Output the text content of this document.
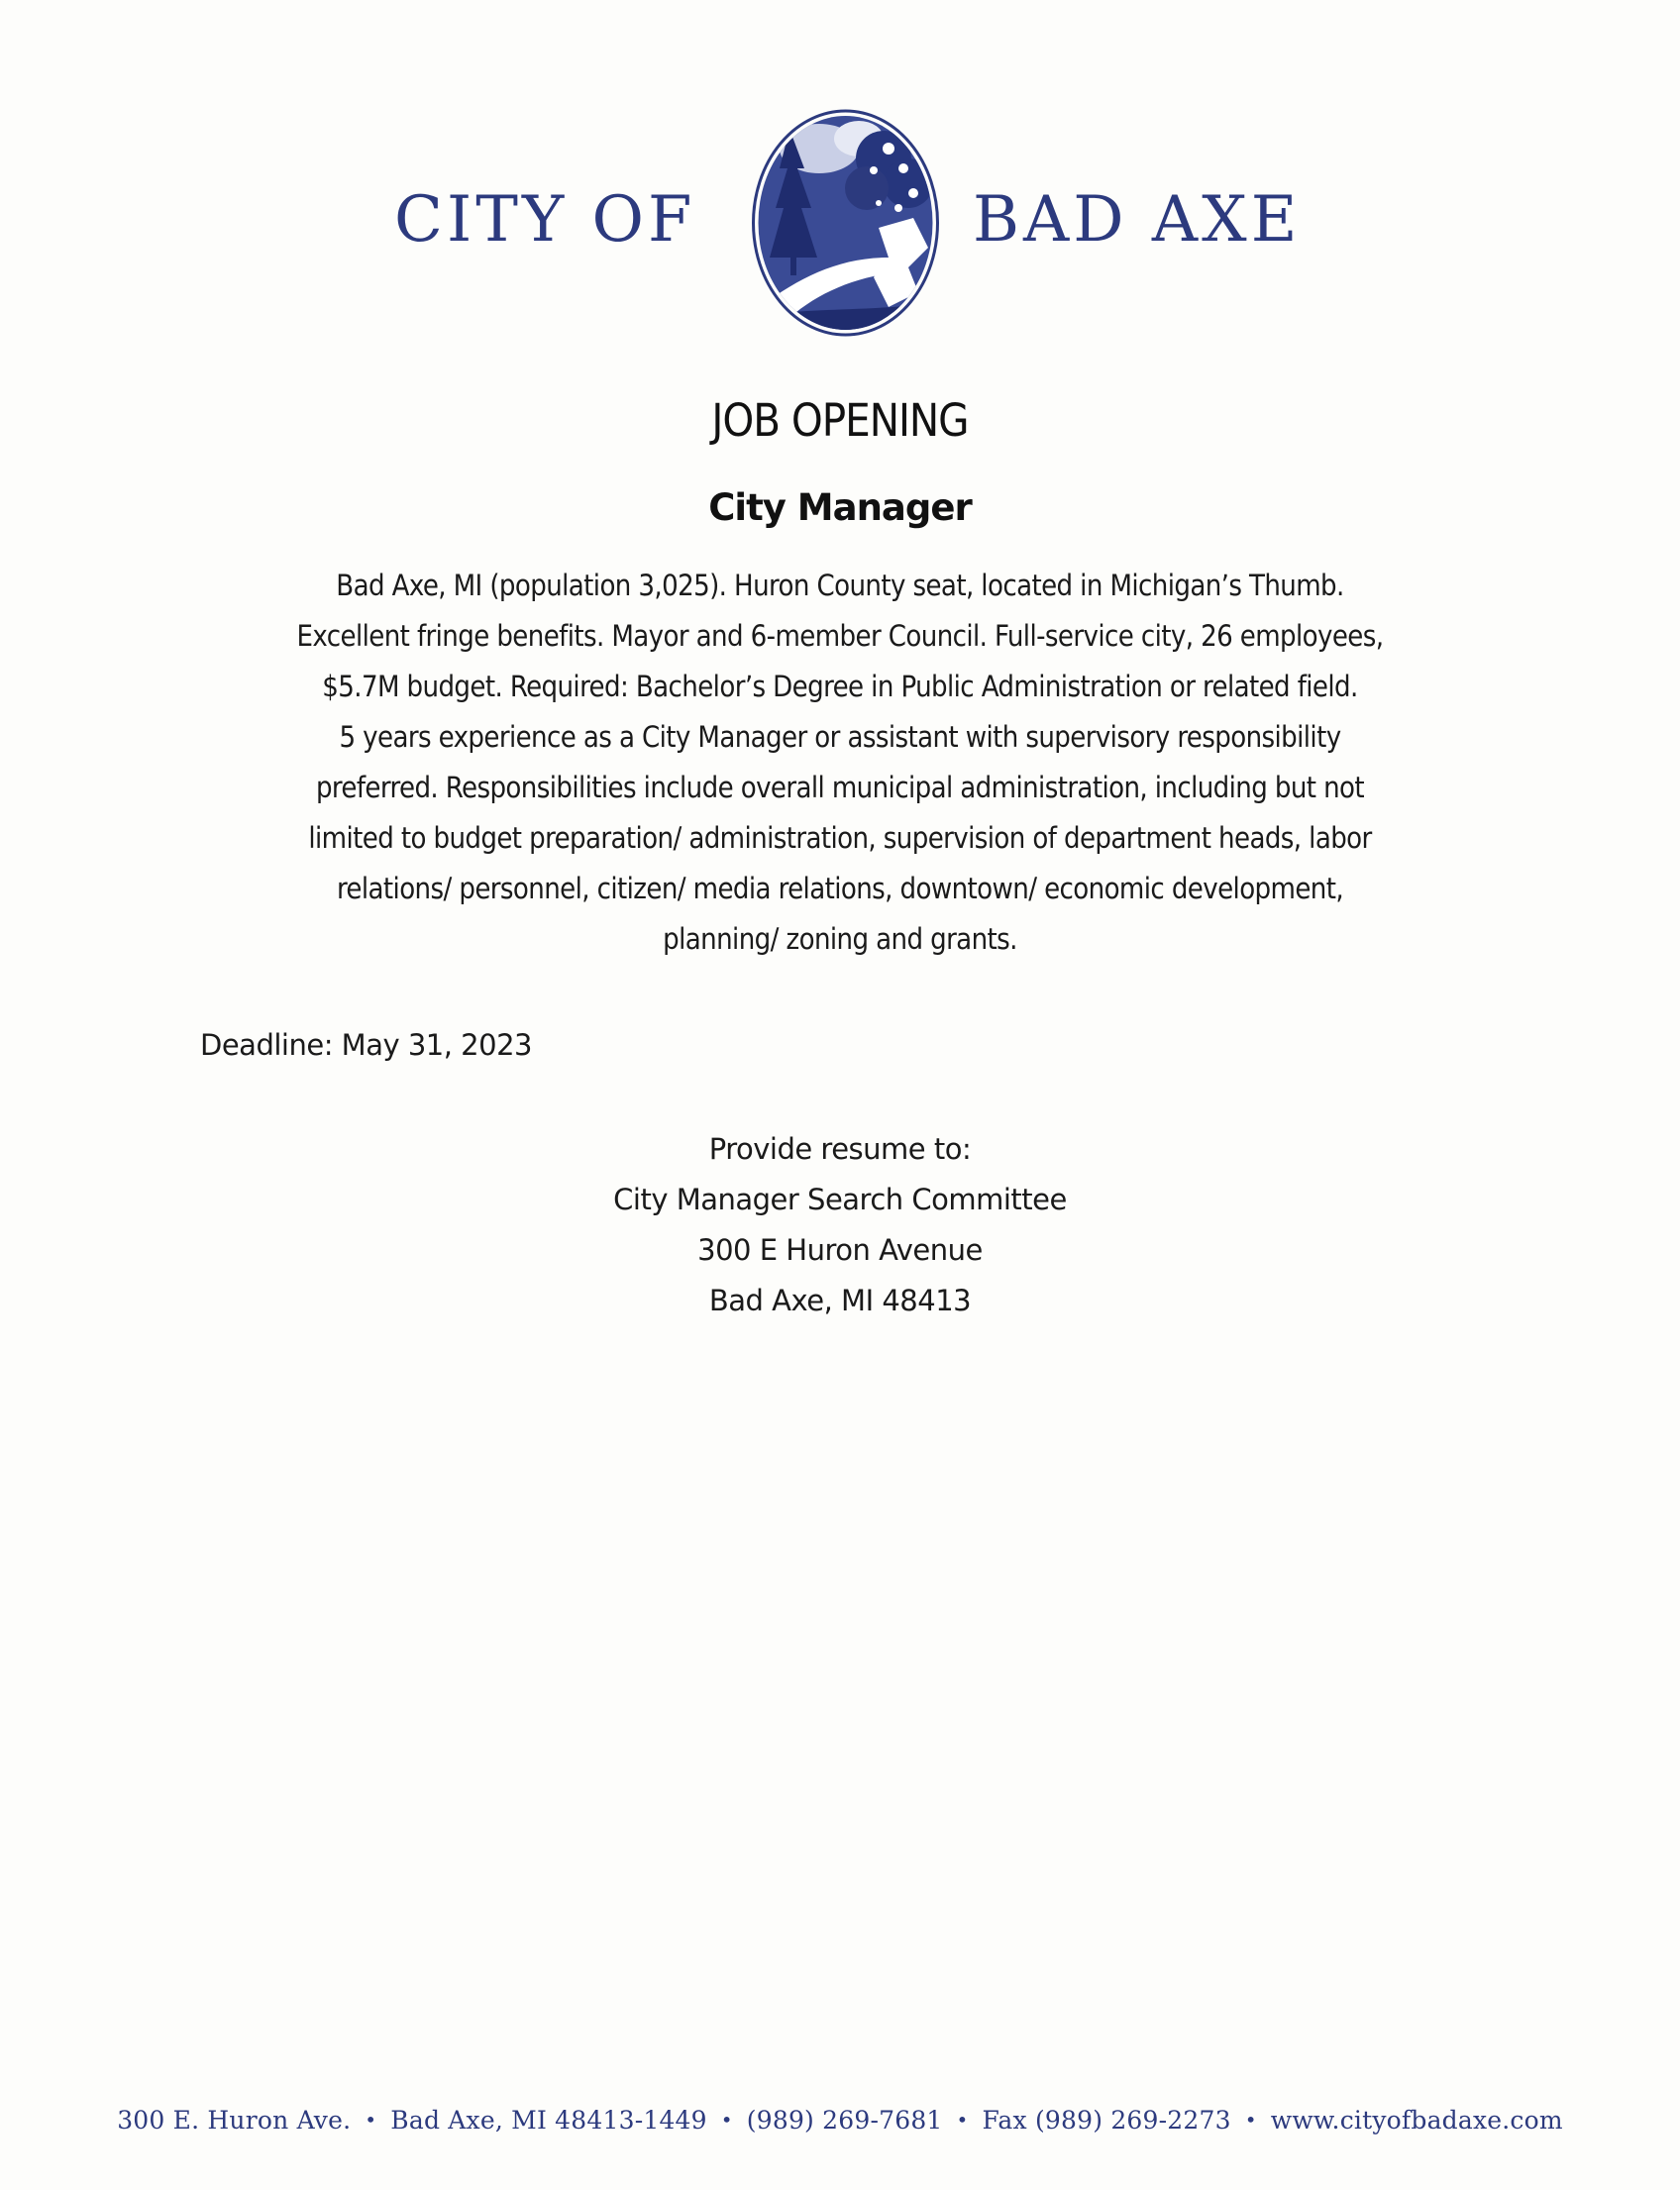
CITY OF	BAD AXE
JOB OPENING
City Manager
Bad Axe, MI (population 3,025). Huron County seat, located in Michigan’s Thumb.
Excellent fringe benefits. Mayor and 6-member Council. Full-service city, 26 employees,
$5.7M budget. Required: Bachelor’s Degree in Public Administration or related field.
5 years experience as a City Manager or assistant with supervisory responsibility
preferred. Responsibilities include overall municipal administration, including but not
limited to budget preparation/ administration, supervision of department heads, labor
relations/ personnel, citizen/ media relations, downtown/ economic development,
planning/ zoning and grants.
Deadline: May 31, 2023
Provide resume to:
City Manager Search Committee
300 E Huron Avenue
Bad Axe, MI 48413
300 E. Huron Ave. • Bad Axe, MI 48413-1449 • (989) 269-7681 • Fax (989) 269-2273 • www.cityofbadaxe.com
